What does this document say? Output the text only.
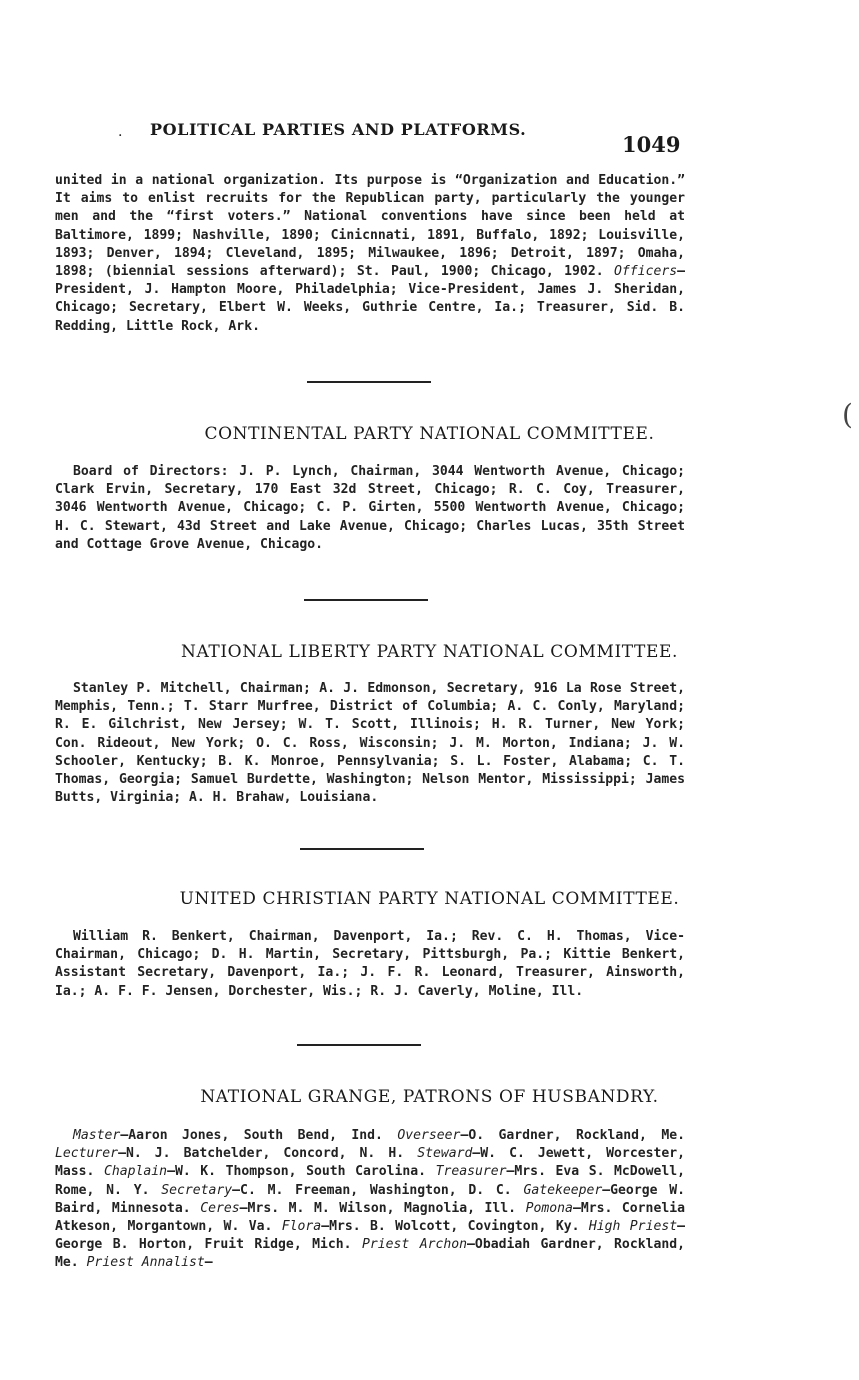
. POLITICAL PARTIES AND PLATFORMS.
1049
united in a national organization. Its purpose is “Organization and Education.” It aims to enlist recruits for the Republican party, particularly the younger men and the “first voters.” National conventions have since been held at Baltimore, 1899; Nashville, 1890; Cinicnnati, 1891, Buffalo, 1892; Louisville, 1893; Denver, 1894; Cleveland, 1895; Milwaukee, 1896; Detroit, 1897; Omaha, 1898; (biennial sessions afterward); St. Paul, 1900; Chicago, 1902. Officers—President, J. Hampton Moore, Philadelphia; Vice-President, James J. Sheridan, Chicago; Secretary, Elbert W. Weeks, Guthrie Centre, Ia.; Treasurer, Sid. B. Redding, Little Rock, Ark.
(
CONTINENTAL PARTY NATIONAL COMMITTEE.
Board of Directors: J. P. Lynch, Chairman, 3044 Wentworth Avenue, Chicago; Clark Ervin, Secretary, 170 East 32d Street, Chicago; R. C. Coy, Treasurer, 3046 Wentworth Avenue, Chicago; C. P. Girten, 5500 Wentworth Avenue, Chicago; H. C. Stewart, 43d Street and Lake Avenue, Chicago; Charles Lucas, 35th Street and Cottage Grove Avenue, Chicago.
NATIONAL LIBERTY PARTY NATIONAL COMMITTEE.
Stanley P. Mitchell, Chairman; A. J. Edmonson, Secretary, 916 La Rose Street, Memphis, Tenn.; T. Starr Murfree, District of Columbia; A. C. Conly, Maryland; R. E. Gilchrist, New Jersey; W. T. Scott, Illinois; H. R. Turner, New York; Con. Rideout, New York; O. C. Ross, Wisconsin; J. M. Morton, Indiana; J. W. Schooler, Kentucky; B. K. Monroe, Pennsylvania; S. L. Foster, Alabama; C. T. Thomas, Georgia; Samuel Burdette, Washington; Nelson Mentor, Mississippi; James Butts, Virginia; A. H. Brahaw, Louisiana.
UNITED CHRISTIAN PARTY NATIONAL COMMITTEE.
William R. Benkert, Chairman, Davenport, Ia.; Rev. C. H. Thomas, Vice-Chairman, Chicago; D. H. Martin, Secretary, Pittsburgh, Pa.; Kittie Benkert, Assistant Secretary, Davenport, Ia.; J. F. R. Leonard, Treasurer, Ainsworth, Ia.; A. F. F. Jensen, Dorchester, Wis.; R. J. Caverly, Moline, Ill.
NATIONAL GRANGE, PATRONS OF HUSBANDRY.
Master—Aaron Jones, South Bend, Ind. Overseer—O. Gardner, Rockland, Me. Lecturer—N. J. Batchelder, Concord, N. H. Steward—W. C. Jewett, Worcester, Mass. Chaplain—W. K. Thompson, South Carolina. Treasurer—Mrs. Eva S. McDowell, Rome, N. Y. Secretary—C. M. Freeman, Washington, D. C. Gatekeeper—George W. Baird, Minnesota. Ceres—Mrs. M. M. Wilson, Magnolia, Ill. Pomona—Mrs. Cornelia Atkeson, Morgantown, W. Va. Flora—Mrs. B. Wolcott, Covington, Ky. High Priest—George B. Horton, Fruit Ridge, Mich. Priest Archon—Obadiah Gardner, Rockland, Me. Priest Annalist—
